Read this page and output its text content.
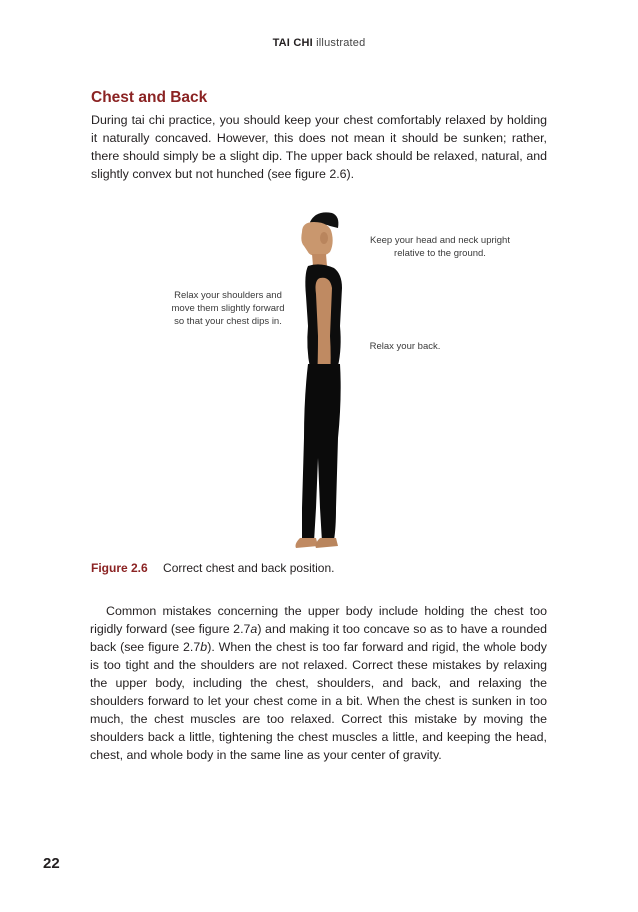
TAI CHI illustrated
Chest and Back

During tai chi practice, you should keep your chest comfortably relaxed by holding it naturally concaved. However, this does not mean it should be sunken; rather, there should simply be a slight dip. The upper back should be relaxed, natural, and slightly convex but not hunched (see figure 2.6).

Keep your head and neck upright
relative to the ground.
Relax your shoulders and
move them slightly forward
so that your chest dips in.
Relax your back.

Figure 2.6 Correct chest and back position.

Common mistakes concerning the upper body include holding the chest too rigidly forward (see figure 2.7a) and making it too concave so as to have a rounded back (see figure 2.7b). When the chest is too far forward and rigid, the whole body is too tight and the shoulders are not relaxed. Correct these mistakes by relaxing the upper body, including the chest, shoulders, and back, and relaxing the shoulders forward to let your chest come in a bit. When the chest is sunken in too much, the chest muscles are too relaxed. Correct this mistake by moving the shoulders back a little, tightening the chest muscles a little, and keeping the head, chest, and whole body in the same line as your center of gravity.

22
